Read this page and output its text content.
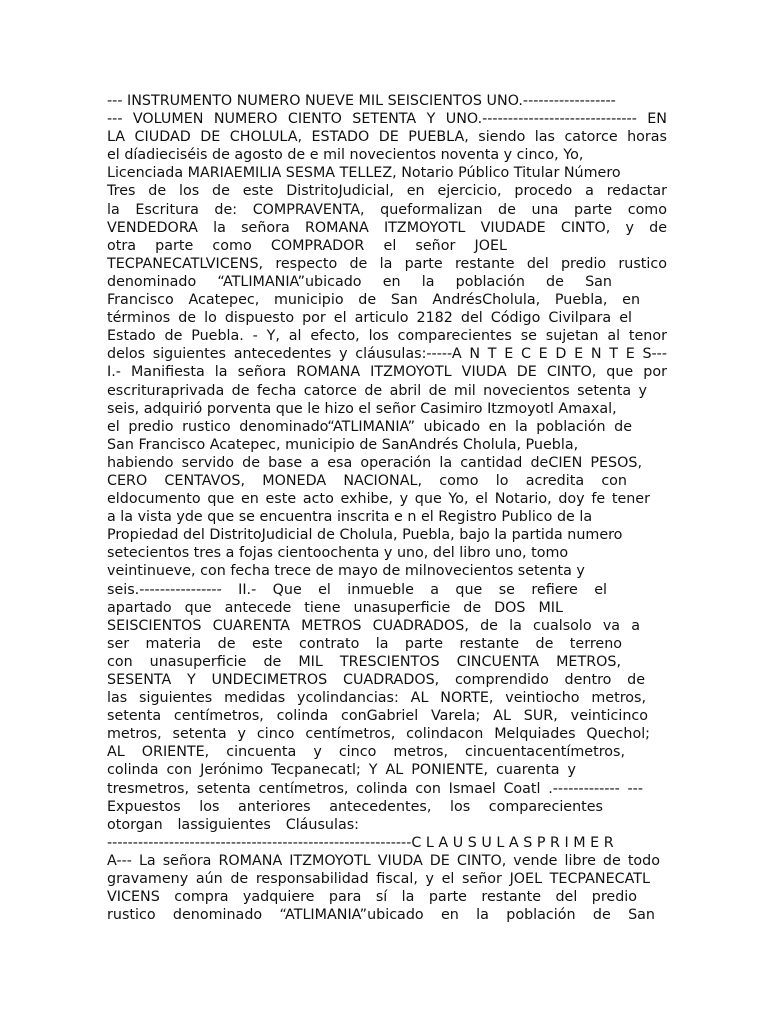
--- INSTRUMENTO NUMERO NUEVE MIL SEISCIENTOS UNO.------------------
--- VOLUMEN NUMERO CIENTO SETENTA Y UNO.------------------------------ EN
LA CIUDAD DE CHOLULA, ESTADO DE PUEBLA, siendo las catorce horas
el díadieciséis de agosto de e mil novecientos noventa y cinco, Yo,
Licenciada MARIAEMILIA SESMA TELLEZ, Notario Público Titular Número
Tres de los de este DistritoJudicial, en ejercicio, procedo a redactar
la Escritura de: COMPRAVENTA, queformalizan de una parte como
VENDEDORA la señora ROMANA ITZMOYOTL VIUDADE CINTO, y de
otra parte como COMPRADOR el señor JOEL
TECPANECATLVICENS, respecto de la parte restante del predio rustico
denominado “ATLIMANIA”ubicado en la población de San
Francisco Acatepec, municipio de San AndrésCholula, Puebla, en
términos de lo dispuesto por el articulo 2182 del Código Civilpara el
Estado de Puebla. - Y, al efecto, los comparecientes se sujetan al tenor
delos siguientes antecedentes y cláusulas:-----A N T E C E D E N T E S---
I.- Manifiesta la señora ROMANA ITZMOYOTL VIUDA DE CINTO, que por
escrituraprivada de fecha catorce de abril de mil novecientos setenta y
seis, adquirió porventa que le hizo el señor Casimiro Itzmoyotl Amaxal,
el predio rustico denominado“ATLIMANIA” ubicado en la población de
San Francisco Acatepec, municipio de SanAndrés Cholula, Puebla,
habiendo servido de base a esa operación la cantidad deCIEN PESOS,
CERO CENTAVOS, MONEDA NACIONAL, como lo acredita con
eldocumento que en este acto exhibe, y que Yo, el Notario, doy fe tener
a la vista yde que se encuentra inscrita e n el Registro Publico de la
Propiedad del DistritoJudicial de Cholula, Puebla, bajo la partida numero
setecientos tres a fojas cientoochenta y uno, del libro uno, tomo
veintinueve, con fecha trece de mayo de milnovecientos setenta y
seis.---------------- II.- Que el inmueble a que se refiere el
apartado que antecede tiene unasuperficie de DOS MIL
SEISCIENTOS CUARENTA METROS CUADRADOS, de la cualsolo va a
ser materia de este contrato la parte restante de terreno
con unasuperficie de MIL TRESCIENTOS CINCUENTA METROS,
SESENTA Y UNDECIMETROS CUADRADOS, comprendido dentro de
las siguientes medidas ycolindancias: AL NORTE, veintiocho metros,
setenta centímetros, colinda conGabriel Varela; AL SUR, veinticinco
metros, setenta y cinco centímetros, colindacon Melquiades Quechol;
AL ORIENTE, cincuenta y cinco metros, cincuentacentímetros,
colinda con Jerónimo Tecpanecatl; Y AL PONIENTE, cuarenta y
tresmetros, setenta centímetros, colinda con Ismael Coatl .------------- ---
Expuestos los anteriores antecedentes, los comparecientes
otorgan lassiguientes Cláusulas:
-----------------------------------------------------------C L A U S U L A S P R I M E R
A--- La señora ROMANA ITZMOYOTL VIUDA DE CINTO, vende libre de todo
gravameny aún de responsabilidad fiscal, y el señor JOEL TECPANECATL
VICENS compra yadquiere para sí la parte restante del predio
rustico denominado “ATLIMANIA”ubicado en la población de San
